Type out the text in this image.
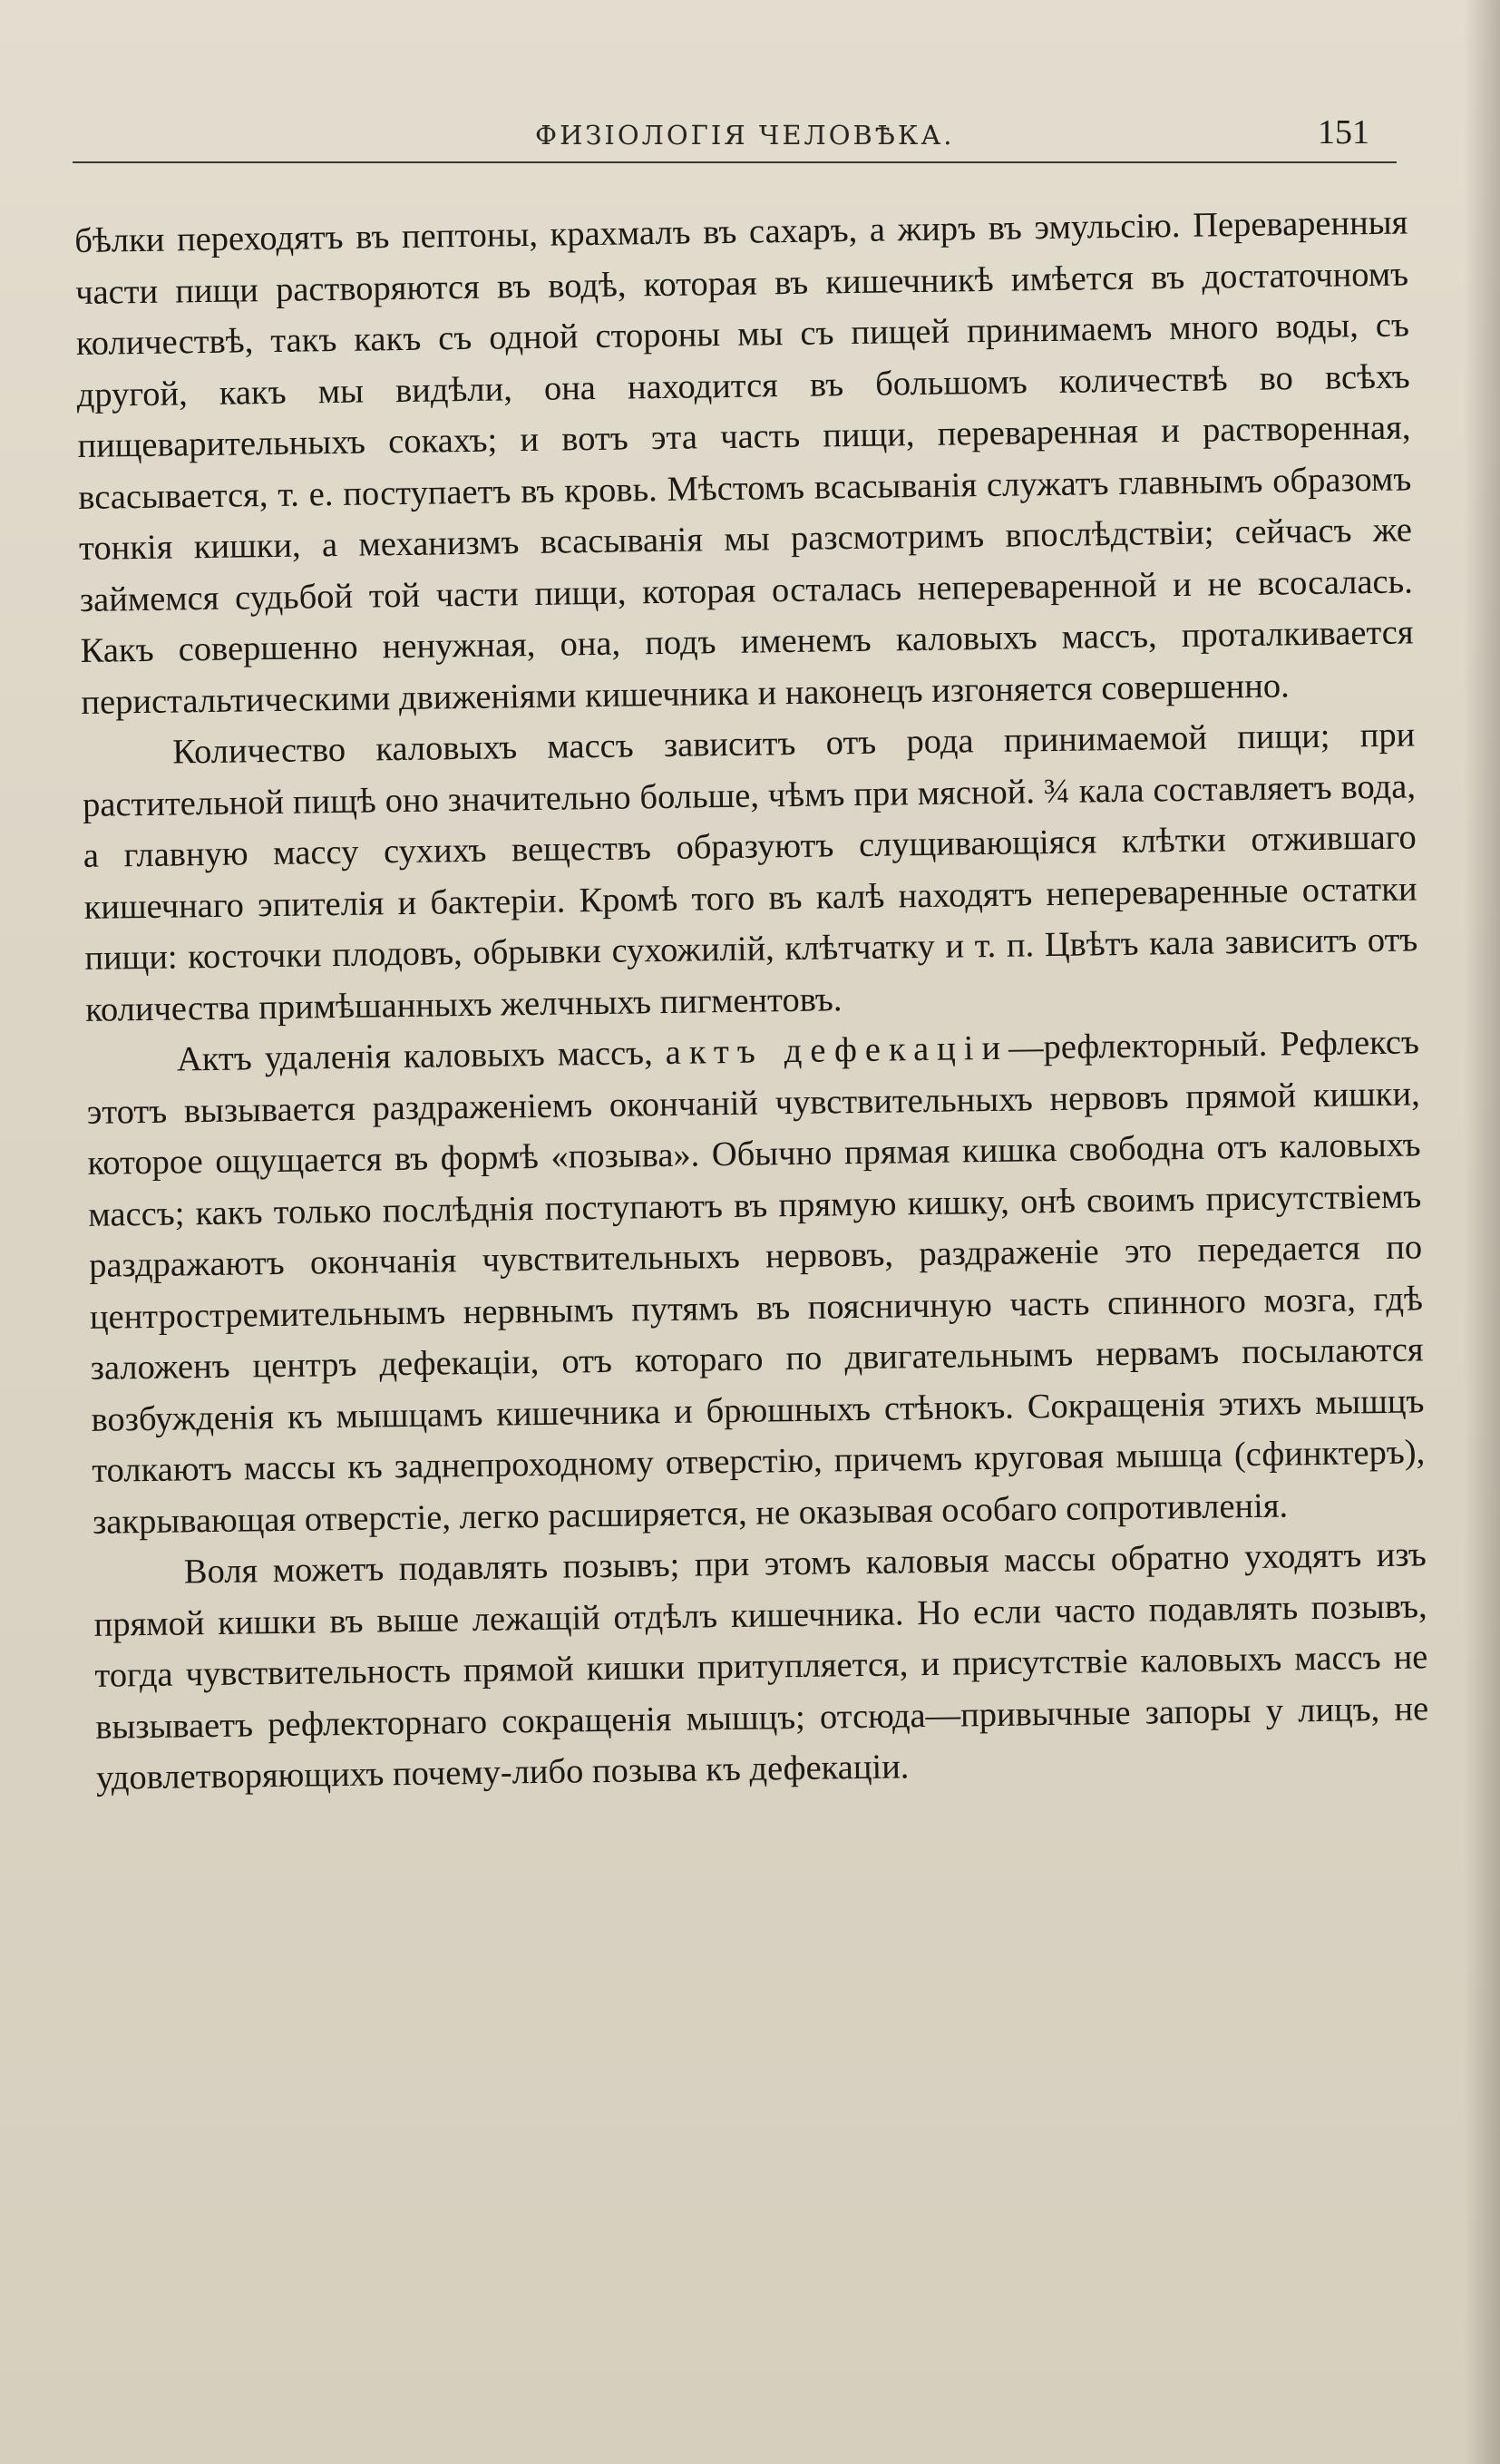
ФИЗІОЛОГІЯ ЧЕЛОВѢКА.	151

бѣлки переходятъ въ пептоны, крахмалъ въ сахаръ, а жиръ въ эмульсію. Переваренныя части пищи растворяются въ водѣ, которая въ кишечникѣ имѣется въ достаточномъ количествѣ, такъ какъ съ одной стороны мы съ пищей принимаемъ много воды, съ другой, какъ мы видѣли, она находится въ большомъ количествѣ во всѣхъ пищеварительныхъ сокахъ; и вотъ эта часть пищи, переваренная и растворенная, всасывается, т. е. поступаетъ въ кровь. Мѣстомъ всасыванія служатъ главнымъ образомъ тонкія кишки, а механизмъ всасыванія мы разсмотримъ впослѣдствіи; сейчасъ же займемся судьбой той части пищи, которая осталась непереваренной и не всосалась. Какъ совершенно ненужная, она, подъ именемъ каловыхъ массъ, проталкивается перистальтическими движеніями кишечника и наконецъ изгоняется совершенно.

Количество каловыхъ массъ зависитъ отъ рода принимаемой пищи; при растительной пищѣ оно значительно больше, чѣмъ при мясной. ¾ кала составляетъ вода, а главную массу сухихъ веществъ образуютъ слущивающіяся клѣтки отжившаго кишечнаго эпителія и бактеріи. Кромѣ того въ калѣ находятъ непереваренные остатки пищи: косточки плодовъ, обрывки сухожилій, клѣтчатку и т. п. Цвѣтъ кала зависитъ отъ количества примѣшанныхъ желчныхъ пигментовъ.

Актъ удаленія каловыхъ массъ, актъ дефекаціи—рефлекторный. Рефлексъ этотъ вызывается раздраженіемъ окончаній чувствительныхъ нервовъ прямой кишки, которое ощущается въ формѣ «позыва». Обычно прямая кишка свободна отъ каловыхъ массъ; какъ только послѣднія поступаютъ въ прямую кишку, онѣ своимъ присутствіемъ раздражаютъ окончанія чувствительныхъ нервовъ, раздраженіе это передается по центростремительнымъ нервнымъ путямъ въ поясничную часть спинного мозга, гдѣ заложенъ центръ дефекаціи, отъ котораго по двигательнымъ нервамъ посылаются возбужденія къ мышцамъ кишечника и брюшныхъ стѣнокъ. Сокращенія этихъ мышцъ толкаютъ массы къ заднепроходному отверстію, причемъ круговая мышца (сфинктеръ), закрывающая отверстіе, легко расширяется, не оказывая особаго сопротивленія.

Воля можетъ подавлять позывъ; при этомъ каловыя массы обратно уходятъ изъ прямой кишки въ выше лежащій отдѣлъ кишечника. Но если часто подавлять позывъ, тогда чувствительность прямой кишки притупляется, и присутствіе каловыхъ массъ не вызываетъ рефлекторнаго сокращенія мышцъ; отсюда—привычные запоры у лицъ, не удовлетворяющихъ почему-либо позыва къ дефекаціи.
